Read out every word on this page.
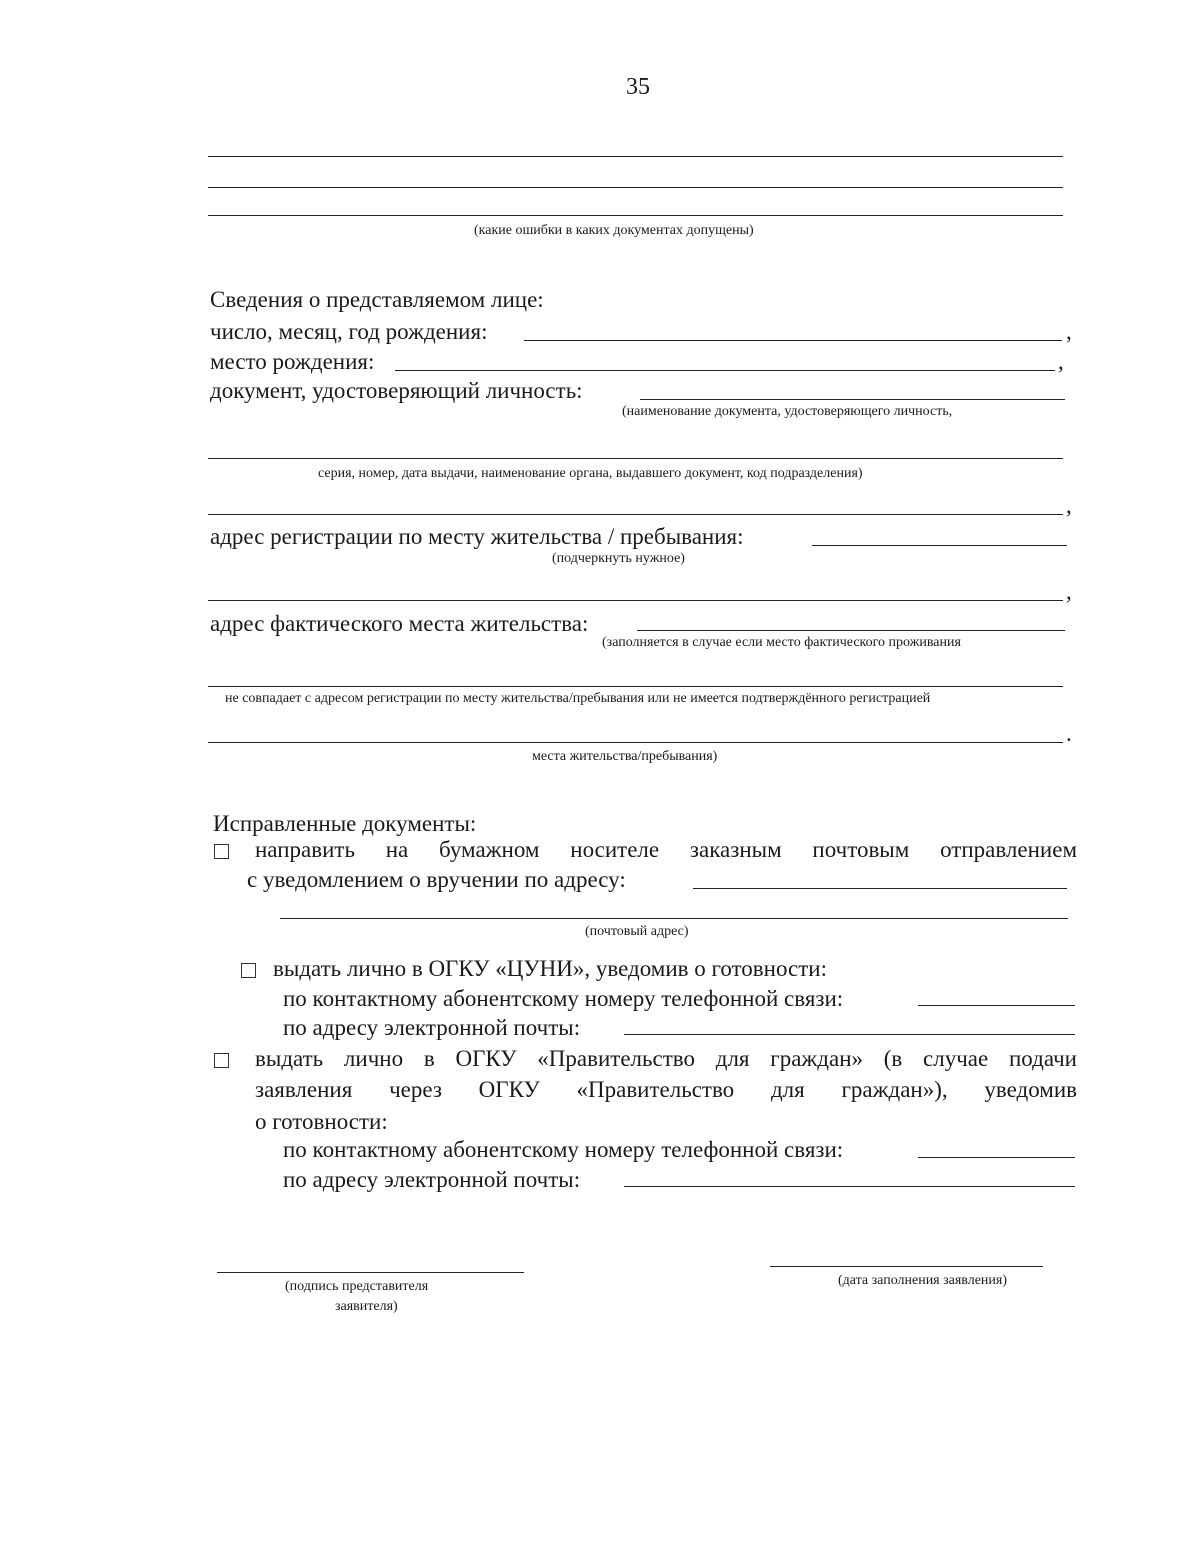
35
(какие ошибки в каких документах допущены)
Сведения о представляемом лице:
число, месяц, год рождения:	,
место рождения:	,
документ, удостоверяющий личность:
(наименование документа, удостоверяющего личность,
серия, номер, дата выдачи, наименование органа, выдавшего документ, код подразделения)
,
адрес регистрации по месту жительства / пребывания:
(подчеркнуть нужное)
,
адрес фактического места жительства:
(заполняется в случае если место фактического проживания
не совпадает с адресом регистрации по месту жительства/пребывания или не имеется подтверждённого регистрацией
.
места жительства/пребывания)
Исправленные документы:
направить на бумажном носителе заказным почтовым отправлением
с уведомлением о вручении по адресу:
(почтовый адрес)
выдать лично в ОГКУ «ЦУНИ», уведомив о готовности:
по контактному абонентскому номеру телефонной связи:
по адресу электронной почты:
выдать лично в ОГКУ «Правительство для граждан» (в случае подачи
заявления через ОГКУ «Правительство для граждан»), уведомив
о готовности:
по контактному абонентскому номеру телефонной связи:
по адресу электронной почты:
(подпись представителя
заявителя)
(дата заполнения заявления)
